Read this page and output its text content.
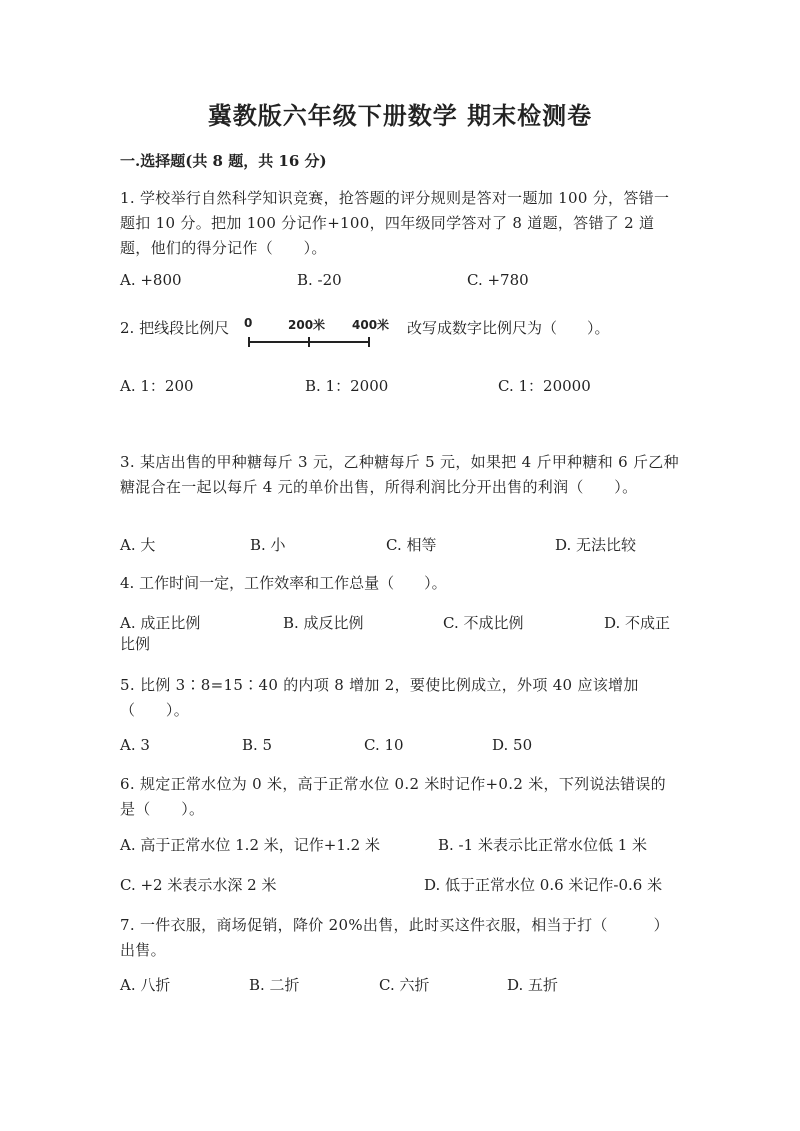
冀教版六年级下册数学 期末检测卷
一.选择题(共 8 题，共 16 分)
1. 学校举行自然科学知识竞赛，抢答题的评分规则是答对一题加 100 分，答错一题扣 10 分。把加 100 分记作+100，四年级同学答对了 8 道题，答错了 2 道题，他们的得分记作（　　）。
A. +800	B. -20	C. +780
2. 把线段比例尺 0	200米 400米 改写成数字比例尺为（　　）。
A. 1：200	B. 1：2000	C. 1：20000
3. 某店出售的甲种糖每斤 3 元，乙种糖每斤 5 元，如果把 4 斤甲种糖和 6 斤乙种糖混合在一起以每斤 4 元的单价出售，所得利润比分开出售的利润（　　）。
A. 大	B. 小	C. 相等	D. 无法比较
4. 工作时间一定，工作效率和工作总量（　　）。
A. 成正比例	B. 成反比例	C. 不成比例	D. 不成正
比例
5. 比例 3∶8=15∶40 的内项 8 增加 2，要使比例成立，外项 40 应该增加（　　）。
A. 3	B. 5	C. 10	D. 50
6. 规定正常水位为 0 米，高于正常水位 0.2 米时记作+0.2 米，下列说法错误的是（　　）。
A. 高于正常水位 1.2 米，记作+1.2 米	B. -1 米表示比正常水位低 1 米
C. +2 米表示水深 2 米	D. 低于正常水位 0.6 米记作-0.6 米
7. 一件衣服，商场促销，降价 20%出售，此时买这件衣服，相当于打（　　　）出售。
A. 八折	B. 二折	C. 六折	D. 五折
